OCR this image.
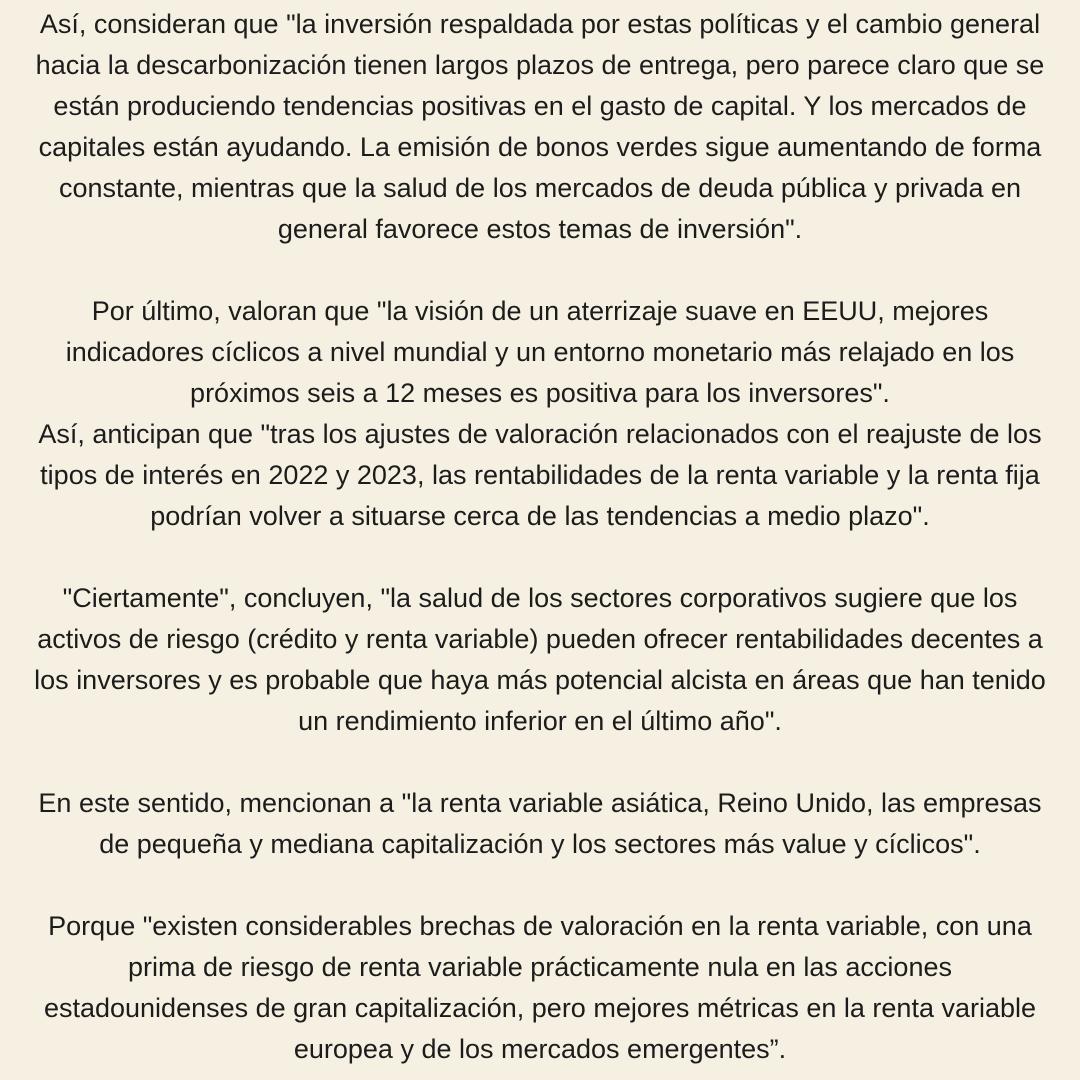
Así, consideran que "la inversión respaldada por estas políticas y el cambio general
hacia la descarbonización tienen largos plazos de entrega, pero parece claro que se
están produciendo tendencias positivas en el gasto de capital. Y los mercados de
capitales están ayudando. La emisión de bonos verdes sigue aumentando de forma
constante, mientras que la salud de los mercados de deuda pública y privada en
general favorece estos temas de inversión".

Por último, valoran que "la visión de un aterrizaje suave en EEUU, mejores
indicadores cíclicos a nivel mundial y un entorno monetario más relajado en los
próximos seis a 12 meses es positiva para los inversores".
Así, anticipan que "tras los ajustes de valoración relacionados con el reajuste de los
tipos de interés en 2022 y 2023, las rentabilidades de la renta variable y la renta fija
podrían volver a situarse cerca de las tendencias a medio plazo".

"Ciertamente", concluyen, "la salud de los sectores corporativos sugiere que los
activos de riesgo (crédito y renta variable) pueden ofrecer rentabilidades decentes a
los inversores y es probable que haya más potencial alcista en áreas que han tenido
un rendimiento inferior en el último año".

En este sentido, mencionan a "la renta variable asiática, Reino Unido, las empresas
de pequeña y mediana capitalización y los sectores más value y cíclicos".

Porque "existen considerables brechas de valoración en la renta variable, con una
prima de riesgo de renta variable prácticamente nula en las acciones
estadounidenses de gran capitalización, pero mejores métricas en la renta variable
europea y de los mercados emergentes”.
